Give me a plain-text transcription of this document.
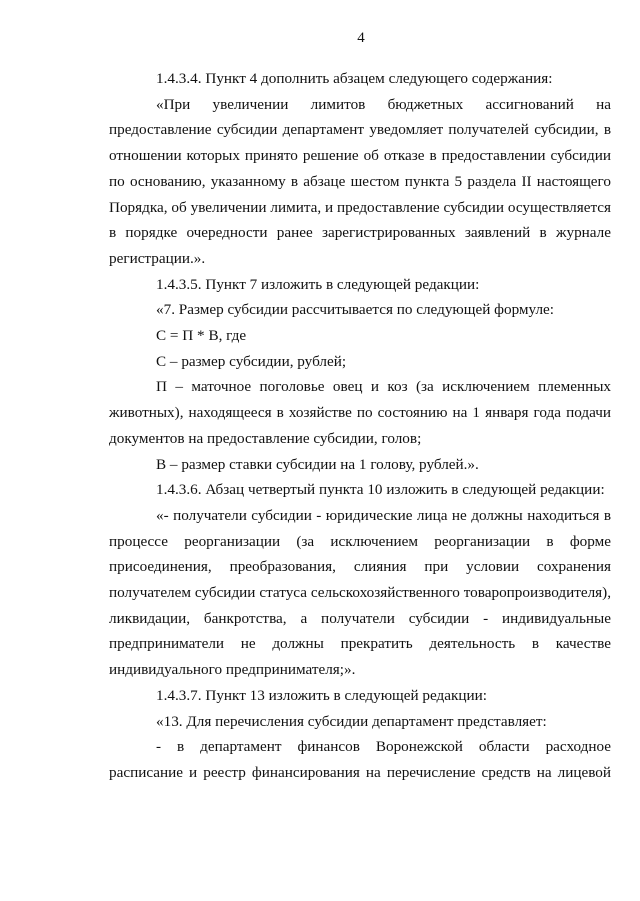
4

1.4.3.4. Пункт 4 дополнить абзацем следующего содержания:

«При увеличении лимитов бюджетных ассигнований на предоставление субсидии департамент уведомляет получателей субсидии, в отношении которых принято решение об отказе в предоставлении субсидии по основанию, указанному в абзаце шестом пункта 5 раздела II настоящего Порядка, об увеличении лимита, и предоставление субсидии осуществляется в порядке очередности ранее зарегистрированных заявлений в журнале регистрации.».

1.4.3.5. Пункт 7 изложить в следующей редакции:

«7. Размер субсидии рассчитывается по следующей формуле:

С = П * В, где

С – размер субсидии, рублей;

П – маточное поголовье овец и коз (за исключением племенных животных), находящееся в хозяйстве по состоянию на 1 января года подачи документов на предоставление субсидии, голов;

В – размер ставки субсидии на 1 голову, рублей.».

1.4.3.6. Абзац четвертый пункта 10 изложить в следующей редакции:

«- получатели субсидии - юридические лица не должны находиться в процессе реорганизации (за исключением реорганизации в форме присоединения, преобразования, слияния при условии сохранения получателем субсидии статуса сельскохозяйственного товаропроизводителя), ликвидации, банкротства, а получатели субсидии - индивидуальные предприниматели не должны прекратить деятельность в качестве индивидуального предпринимателя;».

1.4.3.7. Пункт 13 изложить в следующей редакции:

«13. Для перечисления субсидии департамент представляет:

- в департамент финансов Воронежской области расходное расписание и реестр финансирования на перечисление средств на лицевой
